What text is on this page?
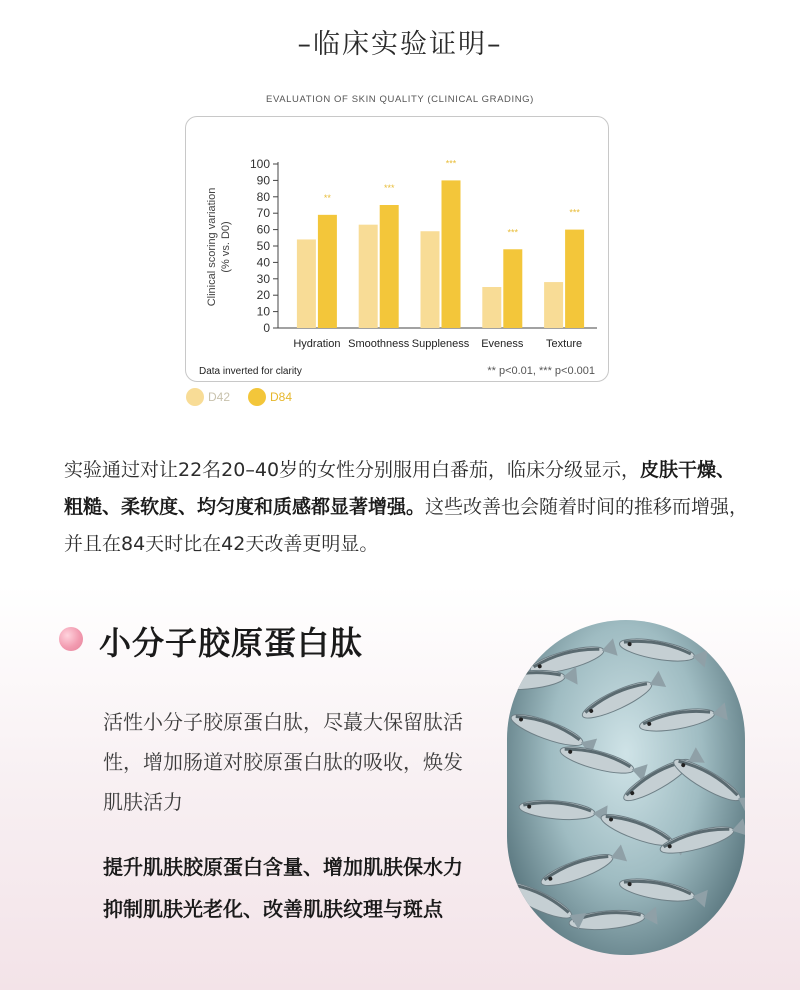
–临床实验证明–
EVALUATION OF SKIN QUALITY (CLINICAL GRADING)
0
10
20
30
40
50
60
70
80
90
100
Clinical scoring variation (% vs. D0)
**
Hydration
***
Smoothness
***
Suppleness
***
Eveness
***
Texture
Data inverted for clarity	** p<0.01, *** p<0.001
D42	D84
实验通过对让22名20–40岁的女性分别服用白番茄，临床分级显示，皮肤干燥、粗糙、柔软度、均匀度和质感都显著增强。这些改善也会随着时间的推移而增强，并且在84天时比在42天改善更明显。
小分子胶原蛋白肽
活性小分子胶原蛋白肽，尽蕞大保留肽活性，增加肠道对胶原蛋白肽的吸收，焕发肌肤活力
提升肌肤胶原蛋白含量、增加肌肤保水力抑制肌肤光老化、改善肌肤纹理与斑点
